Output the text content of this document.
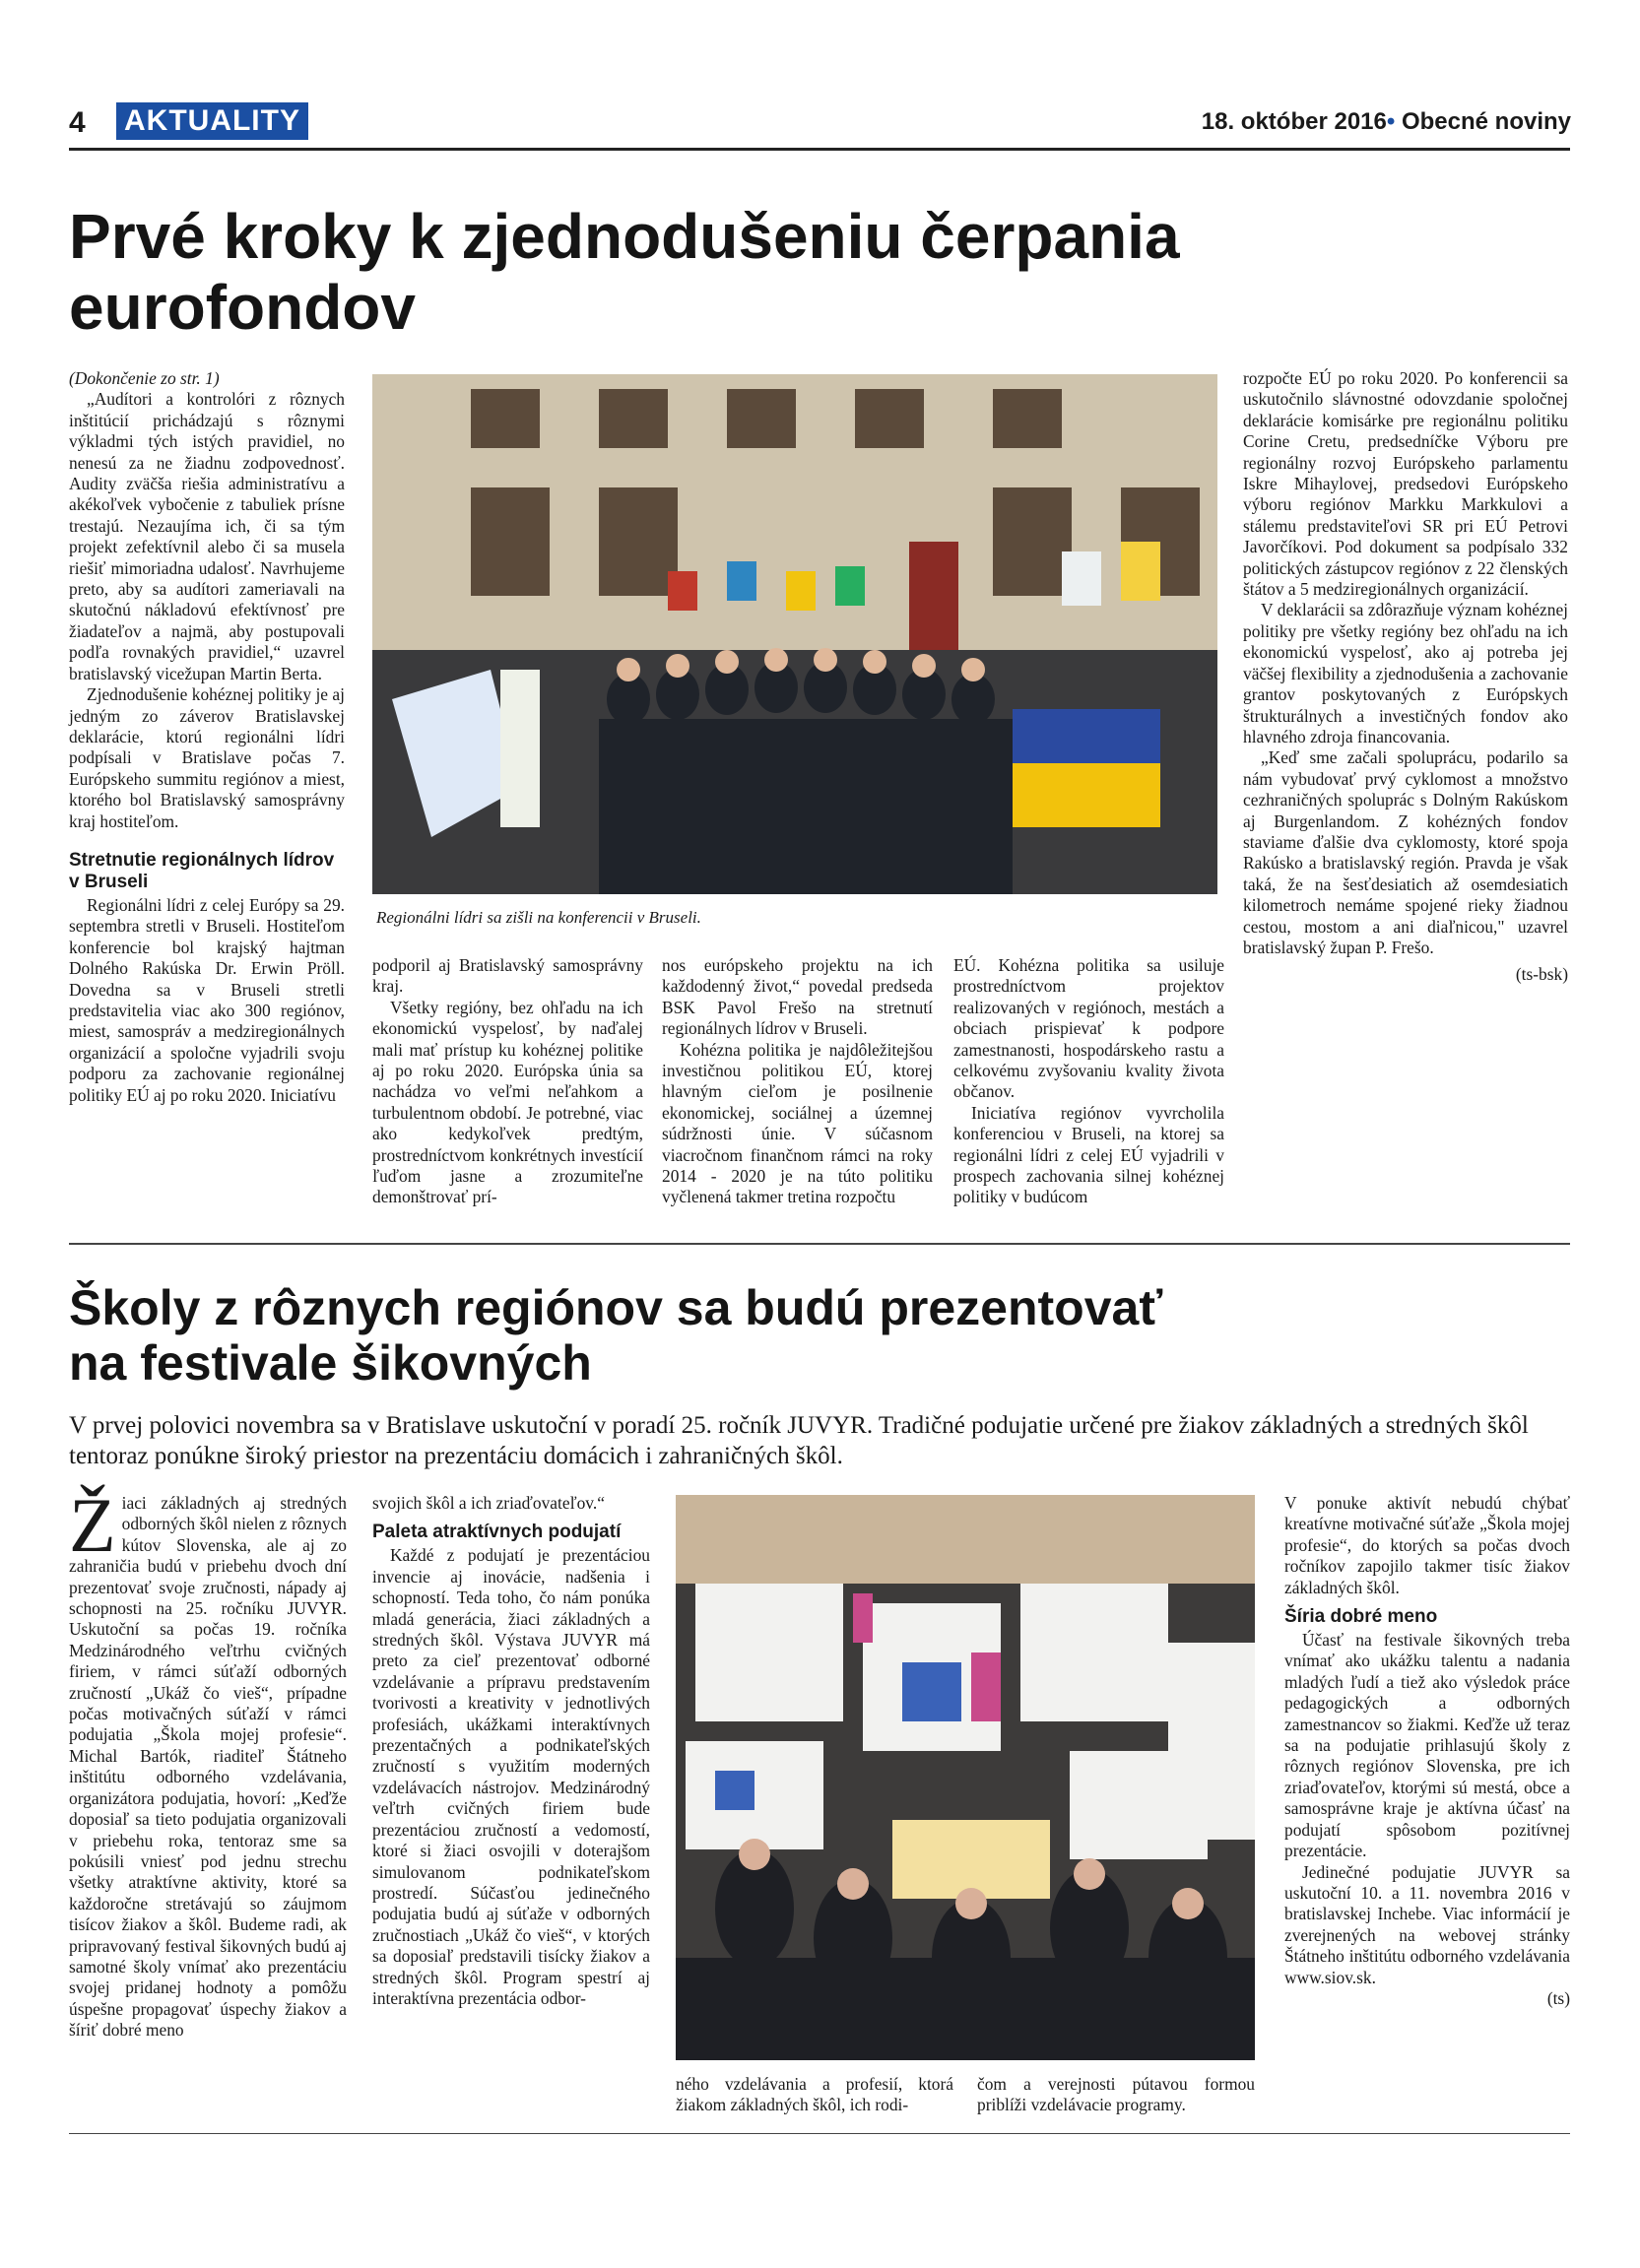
4 AKTUALITY	18. október 2016• Obecné noviny
Prvé kroky k zjednodušeniu čerpania
eurofondov

(Dokončenie zo str. 1)

„Audítori a kontrolóri z rôznych inštitúcií prichádzajú s rôznymi výkladmi tých istých pravidiel, no nenesú za ne žiadnu zodpovednosť. Audity zväčša riešia administratívu a akékoľvek vybočenie z tabuliek prísne trestajú. Nezaujíma ich, či sa tým projekt zefektívnil alebo či sa musela riešiť mimoriadna udalosť. Navrhujeme preto, aby sa audítori zameriavali na skutočnú nákladovú efektívnosť pre žiadateľov a najmä, aby postupovali podľa rovnakých pravidiel,“ uzavrel bratislavský vicežupan Martin Berta.

Zjednodušenie kohéznej politiky je aj jedným zo záverov Bratislavskej deklarácie, ktorú regionálni lídri podpísali v Bratislave počas 7. Európskeho summitu regiónov a miest, ktorého bol Bratislavský samosprávny kraj hostiteľom.

Stretnutie regionálnych lídrov v Bruseli

Regionálni lídri z celej Európy sa 29. septembra stretli v Bruseli. Hostiteľom konferencie bol krajský hajtman Dolného Rakúska Dr. Erwin Pröll. Dovedna sa v Bruseli stretli predstavitelia viac ako 300 regiónov, miest, samospráv a medziregionálnych organizácií a spoločne vyjadrili svoju podporu za zachovanie regionálnej politiky EÚ aj po roku 2020. Iniciatívu

Regionálni lídri sa zišli na konferencii v Bruseli.

podporil aj Bratislavský samosprávny kraj.

Všetky regióny, bez ohľadu na ich ekonomickú vyspelosť, by naďalej mali mať prístup ku kohéznej politike aj po roku 2020. Európska únia sa nachádza vo veľmi neľahkom a turbulentnom období. Je potrebné, viac ako kedykoľvek predtým, prostredníctvom konkrétnych investícií ľuďom jasne a zrozumiteľne demonštrovať prí-

nos európskeho projektu na ich každodenný život,“ povedal predseda BSK Pavol Frešo na stretnutí regionálnych lídrov v Bruseli.

Kohézna politika je najdôležitejšou investičnou politikou EÚ, ktorej hlavným cieľom je posilnenie ekonomickej, sociálnej a územnej súdržnosti únie. V súčasnom viacročnom finančnom rámci na roky 2014 - 2020 je na túto politiku vyčlenená takmer tretina rozpočtu

EÚ. Kohézna politika sa usiluje prostredníctvom projektov realizovaných v regiónoch, mestách a obciach prispievať k podpore zamestnanosti, hospodárskeho rastu a celkovému zvyšovaniu kvality života občanov.

Iniciatíva regiónov vyvrcholila konferenciou v Bruseli, na ktorej sa regionálni lídri z celej EÚ vyjadrili v prospech zachovania silnej kohéznej politiky v budúcom

rozpočte EÚ po roku 2020. Po konferencii sa uskutočnilo slávnostné odovzdanie spoločnej deklarácie komisárke pre regionálnu politiku Corine Cretu, predsedníčke Výboru pre regionálny rozvoj Európskeho parlamentu Iskre Mihaylovej, predsedovi Európskeho výboru regiónov Markku Markkulovi a stálemu predstaviteľovi SR pri EÚ Petrovi Javorčíkovi. Pod dokument sa podpísalo 332 politických zástupcov regiónov z 22 členských štátov a 5 medziregionálnych organizácií.

V deklarácii sa zdôrazňuje význam kohéznej politiky pre všetky regióny bez ohľadu na ich ekonomickú vyspelosť, ako aj potreba jej väčšej flexibility a zjednodušenia a zachovanie grantov poskytovaných z Európskych štrukturálnych a investičných fondov ako hlavného zdroja financovania.

„Keď sme začali spoluprácu, podarilo sa nám vybudovať prvý cyklomost a množstvo cezhraničných spoluprác s Dolným Rakúskom aj Burgenlandom. Z kohézných fondov staviame ďalšie dva cyklomosty, ktoré spoja Rakúsko a bratislavský región. Pravda je však taká, že na šesťdesiatich až osemdesiatich kilometroch nemáme spojené rieky žiadnou cestou, mostom a ani diaľnicou," uzavrel bratislavský župan P. Frešo.

(ts-bsk)

Školy z rôznych regiónov sa budú prezentovať
na festivale šikovných
V prvej polovici novembra sa v Bratislave uskutoční v poradí 25. ročník JUVYR. Tradičné podujatie určené pre žiakov základných a stredných škôl tentoraz ponúkne široký priestor na prezentáciu domácich i zahraničných škôl.

Žiaci základných aj stredných odborných škôl nielen z rôznych kútov Slovenska, ale aj zo zahraničia budú v priebehu dvoch dní prezentovať svoje zručnosti, nápady aj schopnosti na 25. ročníku JUVYR. Uskutoční sa počas 19. ročníka Medzinárodného veľtrhu cvičných firiem, v rámci súťaží odborných zručností „Ukáž čo vieš“, prípadne počas motivačných súťaží v rámci podujatia „Škola mojej profesie“. Michal Bartók, riaditeľ Štátneho inštitútu odborného vzdelávania, organizátora podujatia, hovorí: „Keďže doposiaľ sa tieto podujatia organizovali v priebehu roka, tentoraz sme sa pokúsili vniesť pod jednu strechu všetky atraktívne aktivity, ktoré sa každoročne stretávajú so záujmom tisícov žiakov a škôl. Budeme radi, ak pripravovaný festival šikovných budú aj samotné školy vnímať ako prezentáciu svojej pridanej hodnoty a pomôžu úspešne propagovať úspechy žiakov a šíriť dobré meno

svojich škôl a ich zriaďovateľov.“

Paleta atraktívnych podujatí

Každé z podujatí je prezentáciou invencie aj inovácie, nadšenia i schopností. Teda toho, čo nám ponúka mladá generácia, žiaci základných a stredných škôl. Výstava JUVYR má preto za cieľ prezentovať odborné vzdelávanie a prípravu predstavením tvorivosti a kreativity v jednotlivých profesiách, ukážkami interaktívnych prezentačných a podnikateľských zručností s využitím moderných vzdelávacích nástrojov. Medzinárodný veľtrh cvičných firiem bude prezentáciou zručností a vedomostí, ktoré si žiaci osvojili v doterajšom simulovanom podnikateľskom prostredí. Súčasťou jedinečného podujatia budú aj súťaže v odborných zručnostiach „Ukáž čo vieš“, v ktorých sa doposiaľ predstavili tisícky žiakov a stredných škôl. Program spestrí aj interaktívna prezentácia odbor-

ného vzdelávania a profesií, ktorá žiakom základných škôl, ich rodi-

čom a verejnosti pútavou formou priblíži vzdelávacie programy.

V ponuke aktivít nebudú chýbať kreatívne motivačné súťaže „Škola mojej profesie“, do ktorých sa počas dvoch ročníkov zapojilo takmer tisíc žiakov základných škôl.

Šíria dobré meno

Účasť na festivale šikovných treba vnímať ako ukážku talentu a nadania mladých ľudí a tiež ako výsledok práce pedagogických a odborných zamestnancov so žiakmi. Keďže už teraz sa na podujatie prihlasujú školy z rôznych regiónov Slovenska, pre ich zriaďovateľov, ktorými sú mestá, obce a samosprávne kraje je aktívna účasť na podujatí spôsobom pozitívnej prezentácie.

Jedinečné podujatie JUVYR sa uskutoční 10. a 11. novembra 2016 v bratislavskej Inchebe. Viac informácií je zverejnených na webovej stránky Štátneho inštitútu odborného vzdelávania www.siov.sk.

(ts)
